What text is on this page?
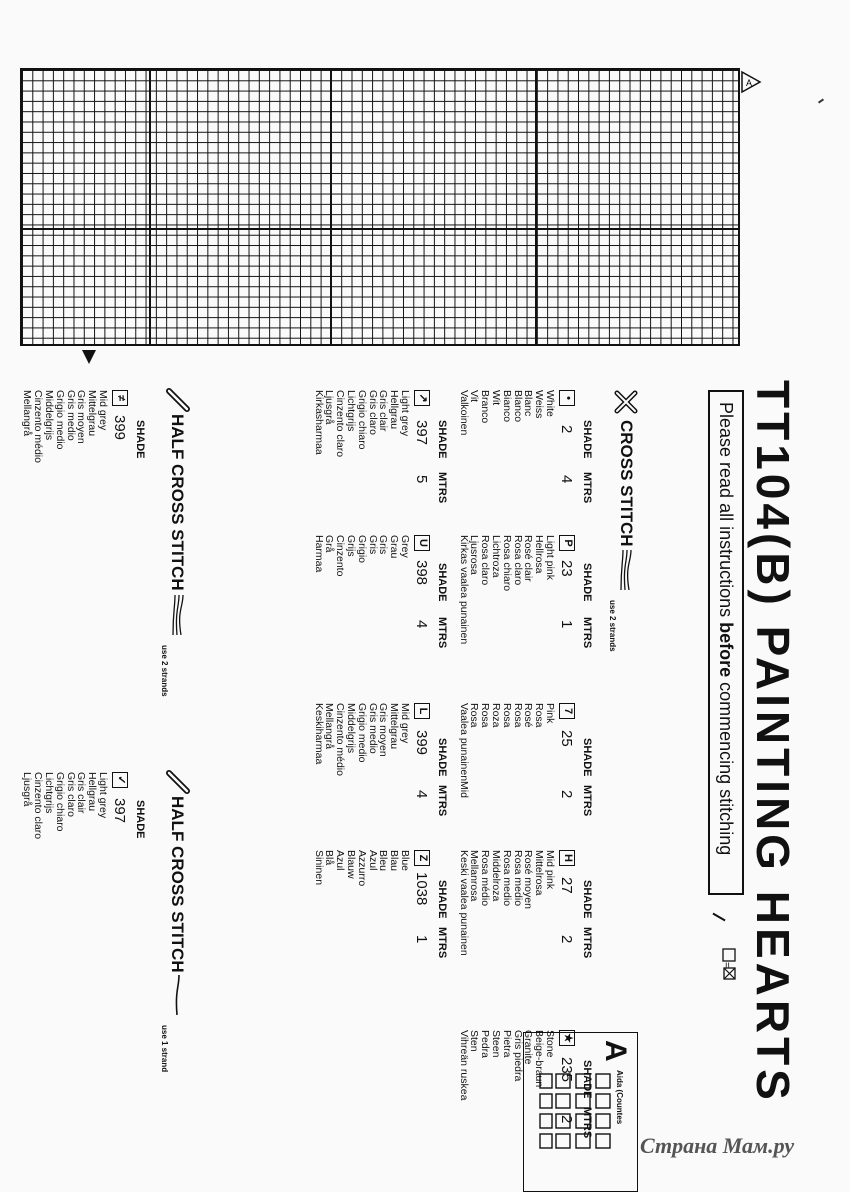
A
TT104(B) PAINTING HEARTS
Please read all instructions before commencing stitching
CROSS STITCH
use 2 strands
SHADE
MTRS
SHADE
MTRS
SHADE
MTRS
SHADE
MTRS
SHADE
MTRS
•
2
4
White
Weiss
Blanc
Blanco
Bianco
Wit
Branco
Vit
Valkoinen
P
23
1
Light pink
Hellrosa
Rosé clair
Rosa claro
Rosa chiaro
Lichtroza
Rosa claro
Ljusrosa
Kirkas vaalea punainen
7
25
2
Pink
Rosa
Rosé
Rosa
Rosa
Roza
Rosa
Rosa
Vaalea punainenMid
H
27
2
Mid pink
Mittelrosa
Rosé moyen
Rosa medio
Rosa medio
Middelroza
Rosa médio
Mellanrosa
Keski vaalea punainen
★
235
2
Stone
Beige-braun
Granite
Gris piedra
Pietra
Steen
Pedra
Sten
Vihreän ruskea
=
A
Aida (Countes
SHADE
MTRS
SHADE
MTRS
SHADE
MTRS
SHADE
MTRS
↗
397
5
Light grey
Hellgrau
Gris clair
Gris claro
Grigio chiaro
Lichtgrijs
Cinzento claro
Ljusgrå
Kirkasharmaa
U
398
4
Grey
Grau
Gris
Gris
Grigio
Grijs
Cinzento
Grå
Harmaa
L
399
4
Mid grey
Mittelgrau
Gris moyen
Gris medio
Grigio medio
Middelgrijs
Cinzento médio
Mellangrå
Keskiharmaa
Z
1038
1
Blue
Blau
Bleu
Azul
Azzurro
Blauw
Azul
Blå
Sininen
HALF CROSS STITCH
use 2 strands
SHADE
≠
399
Mid grey
Mittelgrau
Gris moyen
Gris medio
Grigio medio
Middelgrijs
Cinzento médio
Mellangrå
HALF CROSS STITCH
use 1 strand
SHADE
✓
397
Light grey
Hellgrau
Gris clair
Gris claro
Grigio chiaro
Lichtgrijs
Cinzento claro
Ljusgrå
Страна Мам.ру
